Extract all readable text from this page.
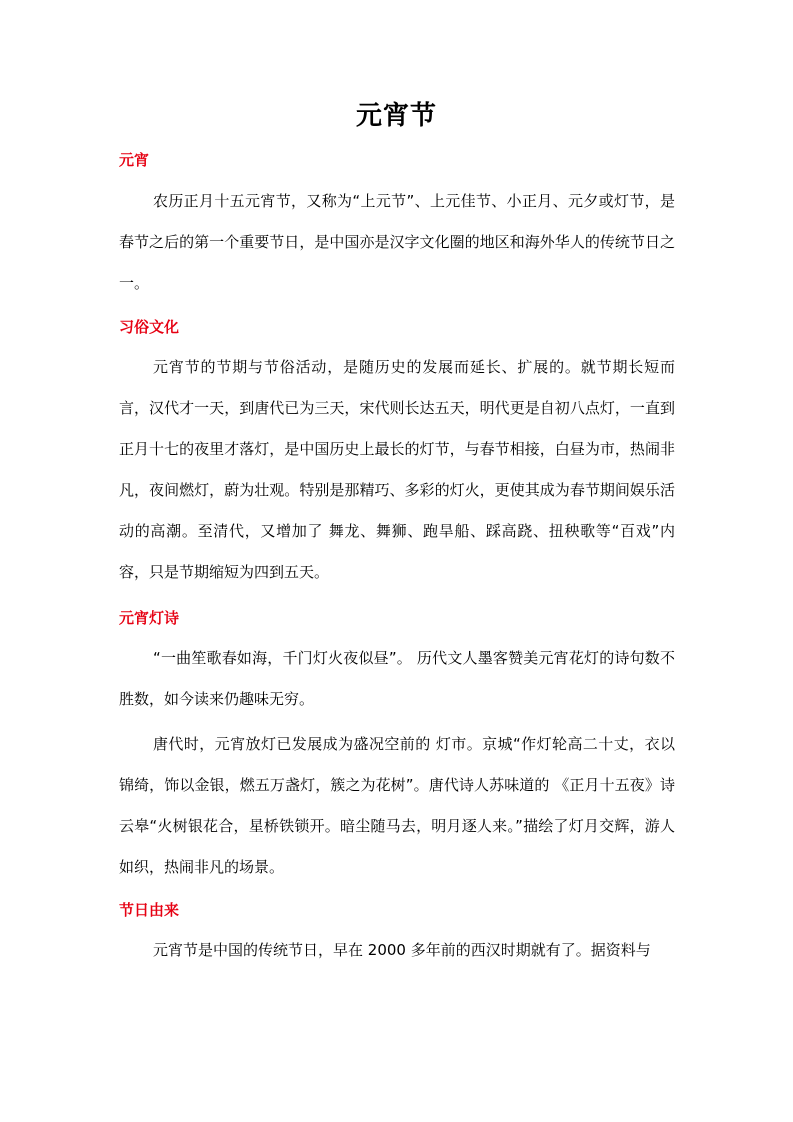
元宵节
元宵

农历正月十五元宵节，又称为“上元节”、上元佳节、小正月、元夕或灯节，是春节之后的第一个重要节日，是中国亦是汉字文化圈的地区和海外华人的传统节日之一。

习俗文化

元宵节的节期与节俗活动，是随历史的发展而延长、扩展的。就节期长短而言，汉代才一天，到唐代已为三天，宋代则长达五天，明代更是自初八点灯，一直到正月十七的夜里才落灯，是中国历史上最长的灯节，与春节相接，白昼为市，热闹非凡，夜间燃灯，蔚为壮观。特别是那精巧、多彩的灯火，更使其成为春节期间娱乐活动的高潮。至清代，又增加了 舞龙、舞狮、跑旱船、踩高跷、扭秧歌等“百戏”内容，只是节期缩短为四到五天。

元宵灯诗

“一曲笙歌春如海，千门灯火夜似昼”。 历代文人墨客赞美元宵花灯的诗句数不胜数，如今读来仍趣味无穷。

唐代时，元宵放灯已发展成为盛况空前的 灯市。京城“作灯轮高二十丈，衣以锦绮，饰以金银，燃五万盏灯，簇之为花树”。唐代诗人苏味道的 《正月十五夜》诗云皋“火树银花合，星桥铁锁开。暗尘随马去，明月逐人来。”描绘了灯月交辉，游人如织，热闹非凡的场景。

节日由来

元宵节是中国的传统节日，早在 2000 多年前的西汉时期就有了。据资料与
